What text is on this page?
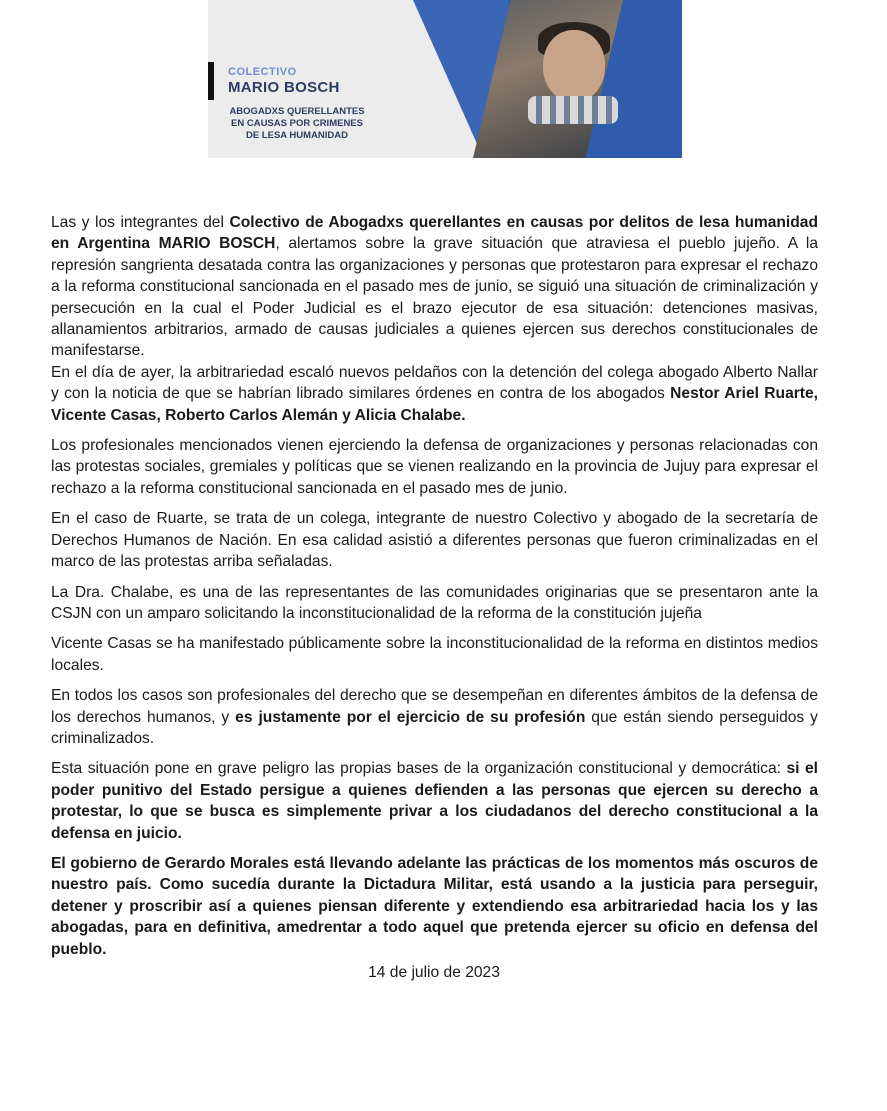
COLECTIVO
MARIO BOSCH
ABOGADXS QUERELLANTES
EN CAUSAS POR CRIMENES
DE LESA HUMANIDAD

Las y los integrantes del Colectivo de Abogadxs querellantes en causas por delitos de lesa humanidad en Argentina MARIO BOSCH, alertamos sobre la grave situación que atraviesa el pueblo jujeño. A la represión sangrienta desatada contra las organizaciones y personas que protestaron para expresar el rechazo a la reforma constitucional sancionada en el pasado mes de junio, se siguió una situación de criminalización y persecución en la cual el Poder Judicial es el brazo ejecutor de esa situación: detenciones masivas, allanamientos arbitrarios, armado de causas judiciales a quienes ejercen sus derechos constitucionales de manifestarse.

En el día de ayer, la arbitrariedad escaló nuevos peldaños con la detención del colega abogado Alberto Nallar y con la noticia de que se habrían librado similares órdenes en contra de los abogados Nestor Ariel Ruarte, Vicente Casas, Roberto Carlos Alemán y Alicia Chalabe.

Los profesionales mencionados vienen ejerciendo la defensa de organizaciones y personas relacionadas con las protestas sociales, gremiales y políticas que se vienen realizando en la provincia de Jujuy para expresar el rechazo a la reforma constitucional sancionada en el pasado mes de junio.

En el caso de Ruarte, se trata de un colega, integrante de nuestro Colectivo y abogado de la secretaría de Derechos Humanos de Nación. En esa calidad asistió a diferentes personas que fueron criminalizadas en el marco de las protestas arriba señaladas.

La Dra. Chalabe, es una de las representantes de las comunidades originarias que se presentaron ante la CSJN con un amparo solicitando la inconstitucionalidad de la reforma de la constitución jujeña

Vicente Casas se ha manifestado públicamente sobre la inconstitucionalidad de la reforma en distintos medios locales.

En todos los casos son profesionales del derecho que se desempeñan en diferentes ámbitos de la defensa de los derechos humanos, y es justamente por el ejercicio de su profesión que están siendo perseguidos y criminalizados.

Esta situación pone en grave peligro las propias bases de la organización constitucional y democrática: si el poder punitivo del Estado persigue a quienes defienden a las personas que ejercen su derecho a protestar, lo que se busca es simplemente privar a los ciudadanos del derecho constitucional a la defensa en juicio.

El gobierno de Gerardo Morales está llevando adelante las prácticas de los momentos más oscuros de nuestro país. Como sucedía durante la Dictadura Militar, está usando a la justicia para perseguir, detener y proscribir así a quienes piensan diferente y extendiendo esa arbitrariedad hacia los y las abogadas, para en definitiva, amedrentar a todo aquel que pretenda ejercer su oficio en defensa del pueblo.

14 de julio de 2023
